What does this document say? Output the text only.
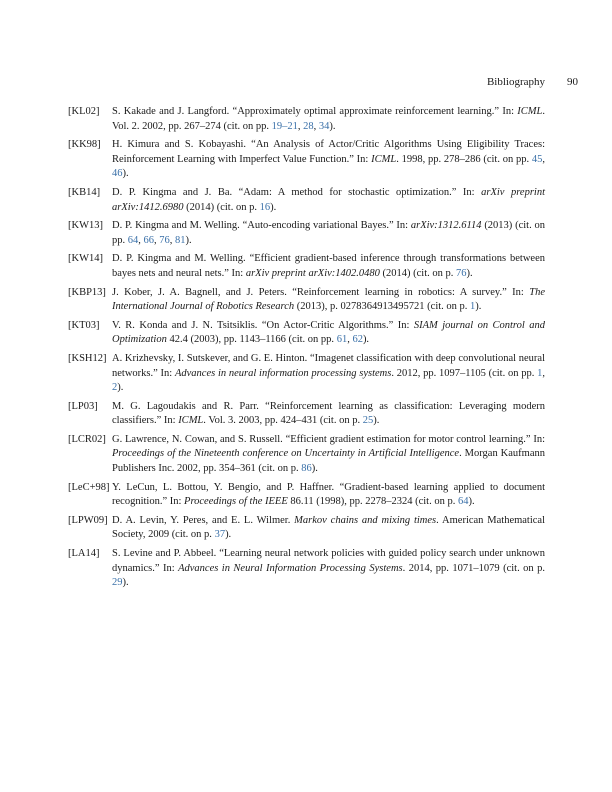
Bibliography 90
[KL02]	S. Kakade and J. Langford. “Approximately optimal approximate reinforcement learning.” In: ICML. Vol. 2. 2002, pp. 267–274 (cit. on pp. 19–21, 28, 34).
[KK98]	H. Kimura and S. Kobayashi. “An Analysis of Actor/Critic Algorithms Using Eligibility Traces: Reinforcement Learning with Imperfect Value Function.” In: ICML. 1998, pp. 278–286 (cit. on pp. 45, 46).
[KB14]	D. P. Kingma and J. Ba. “Adam: A method for stochastic optimization.” In: arXiv preprint arXiv:1412.6980 (2014) (cit. on p. 16).
[KW13] D. P. Kingma and M. Welling. “Auto-encoding variational Bayes.” In: arXiv:1312.6114 (2013) (cit. on pp. 64, 66, 76, 81).
[KW14] D. P. Kingma and M. Welling. “Efficient gradient-based inference through transformations between bayes nets and neural nets.” In: arXiv preprint arXiv:1402.0480 (2014) (cit. on p. 76).
[KBP13] J. Kober, J. A. Bagnell, and J. Peters. “Reinforcement learning in robotics: A survey.” In: The International Journal of Robotics Research (2013), p. 0278364913495721 (cit. on p. 1).
[KT03]	V. R. Konda and J. N. Tsitsiklis. “On Actor-Critic Algorithms.” In: SIAM journal on Control and Optimization 42.4 (2003), pp. 1143–1166 (cit. on pp. 61, 62).
[KSH12] A. Krizhevsky, I. Sutskever, and G. E. Hinton. “Imagenet classification with deep convolutional neural networks.” In: Advances in neural information processing systems. 2012, pp. 1097–1105 (cit. on pp. 1, 2).
[LP03]	M. G. Lagoudakis and R. Parr. “Reinforcement learning as classification: Leveraging modern classifiers.” In: ICML. Vol. 3. 2003, pp. 424–431 (cit. on p. 25).
[LCR02] G. Lawrence, N. Cowan, and S. Russell. “Efficient gradient estimation for motor control learning.” In: Proceedings of the Nineteenth conference on Uncertainty in Artificial Intelligence. Morgan Kaufmann Publishers Inc. 2002, pp. 354–361 (cit. on p. 86).
[LeC+98] Y. LeCun, L. Bottou, Y. Bengio, and P. Haffner. “Gradient-based learning applied to document recognition.” In: Proceedings of the IEEE 86.11 (1998), pp. 2278–2324 (cit. on p. 64).
[LPW09] D. A. Levin, Y. Peres, and E. L. Wilmer. Markov chains and mixing times. American Mathematical Society, 2009 (cit. on p. 37).
[LA14]	S. Levine and P. Abbeel. “Learning neural network policies with guided policy search under unknown dynamics.” In: Advances in Neural Information Processing Systems. 2014, pp. 1071–1079 (cit. on p. 29).
